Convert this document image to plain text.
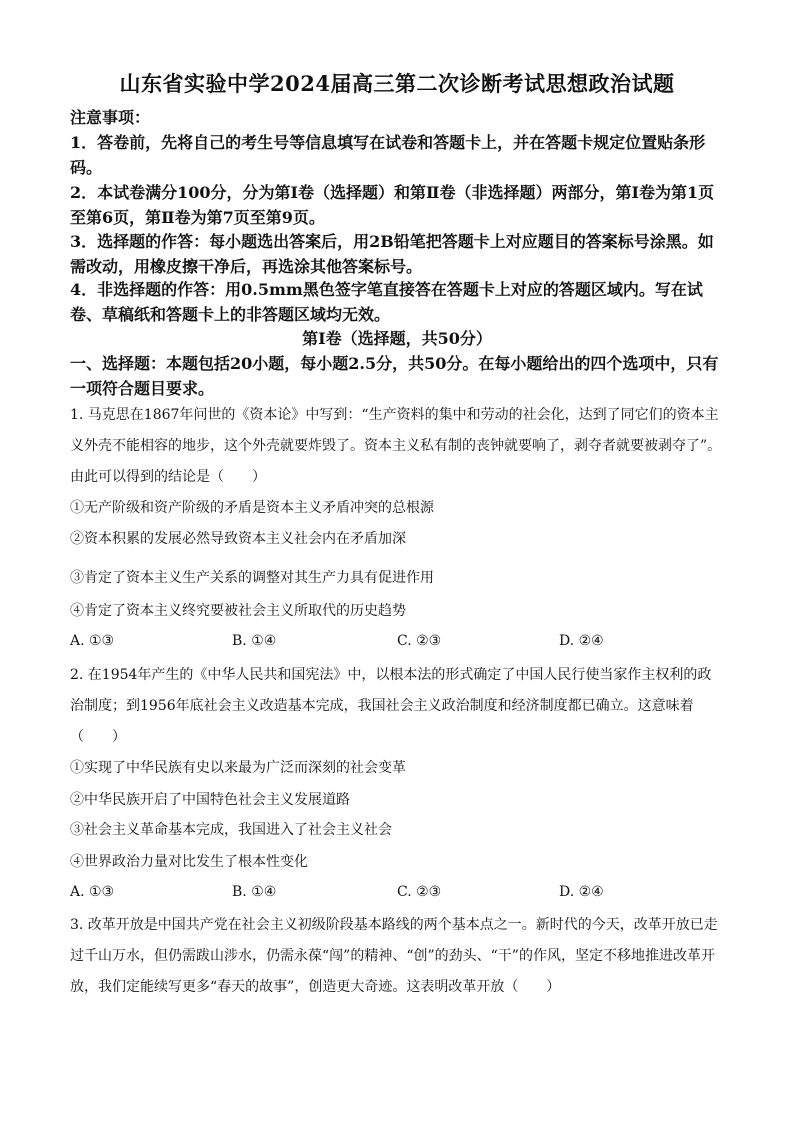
山东省实验中学2024届高三第二次诊断考试思想政治试题
注意事项：
1．答卷前，先将自己的考生号等信息填写在试卷和答题卡上，并在答题卡规定位置贴条形码。
2．本试卷满分100分，分为第Ⅰ卷（选择题）和第Ⅱ卷（非选择题）两部分，第Ⅰ卷为第1页至第6页，第Ⅱ卷为第7页至第9页。
3．选择题的作答：每小题选出答案后，用2B铅笔把答题卡上对应题目的答案标号涂黑。如需改动，用橡皮擦干净后，再选涂其他答案标号。
4．非选择题的作答：用0.5mm黑色签字笔直接答在答题卡上对应的答题区域内。写在试卷、草稿纸和答题卡上的非答题区域均无效。
第Ⅰ卷（选择题，共50分）
一、选择题：本题包括20小题，每小题2.5分，共50分。在每小题给出的四个选项中，只有一项符合题目要求。
1. 马克思在1867年问世的《资本论》中写到：“生产资料的集中和劳动的社会化，达到了同它们的资本主义外壳不能相容的地步，这个外壳就要炸毁了。资本主义私有制的丧钟就要响了，剥夺者就要被剥夺了”。由此可以得到的结论是（　　）
①无产阶级和资产阶级的矛盾是资本主义矛盾冲突的总根源
②资本积累的发展必然导致资本主义社会内在矛盾加深
③肯定了资本主义生产关系的调整对其生产力具有促进作用
④肯定了资本主义终究要被社会主义所取代的历史趋势
A. ①③	B. ①④	C. ②③	D. ②④
2. 在1954年产生的《中华人民共和国宪法》中，以根本法的形式确定了中国人民行使当家作主权利的政治制度；到1956年底社会主义改造基本完成，我国社会主义政治制度和经济制度都已确立。这意味着（　　）
①实现了中华民族有史以来最为广泛而深刻的社会变革
②中华民族开启了中国特色社会主义发展道路
③社会主义革命基本完成，我国进入了社会主义社会
④世界政治力量对比发生了根本性变化
A. ①③	B. ①④	C. ②③	D. ②④
3. 改革开放是中国共产党在社会主义初级阶段基本路线的两个基本点之一。新时代的今天，改革开放已走过千山万水，但仍需跋山涉水，仍需永葆“闯”的精神、“创”的劲头、“干”的作风，坚定不移地推进改革开放，我们定能续写更多“春天的故事”，创造更大奇迹。这表明改革开放（　　）
